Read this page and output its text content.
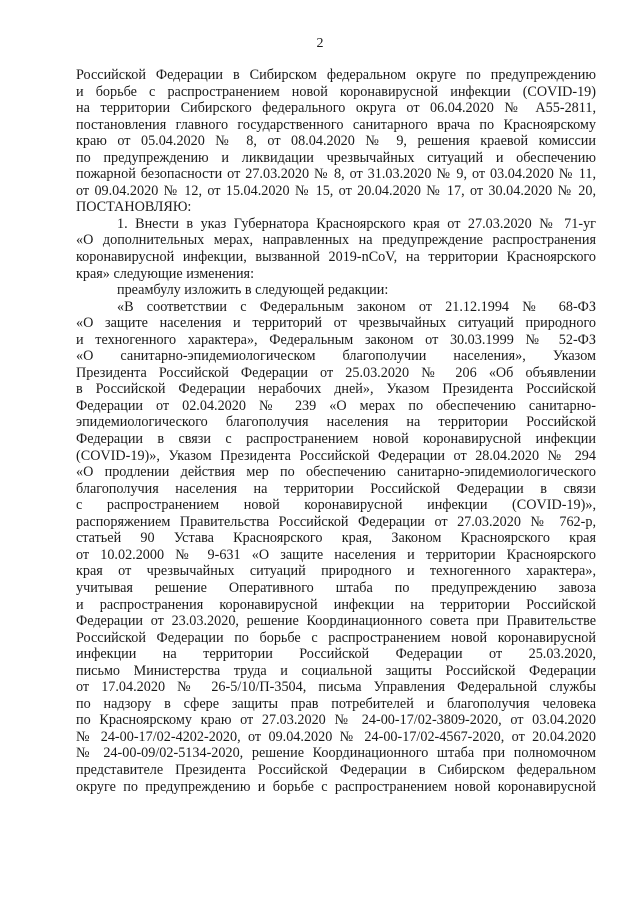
2
Российской Федерации в Сибирском федеральном округе по предупреждению
и борьбе с распространением новой коронавирусной инфекции (COVID-19)
на территории Сибирского федерального округа от 06.04.2020 № А55-2811,
постановления главного государственного санитарного врача по Красноярскому
краю от 05.04.2020 № 8, от 08.04.2020 № 9, решения краевой комиссии
по предупреждению и ликвидации чрезвычайных ситуаций и обеспечению
пожарной безопасности от 27.03.2020 № 8, от 31.03.2020 № 9, от 03.04.2020 № 11,
от 09.04.2020 № 12, от 15.04.2020 № 15, от 20.04.2020 № 17, от 30.04.2020 № 20,
ПОСТАНОВЛЯЮ:
1. Внести в указ Губернатора Красноярского края от 27.03.2020 № 71-уг
«О дополнительных мерах, направленных на предупреждение распространения
коронавирусной инфекции, вызванной 2019-nCoV, на территории Красноярского
края» следующие изменения:
преамбулу изложить в следующей редакции:
«В соответствии с Федеральным законом от 21.12.1994 № 68-ФЗ
«О защите населения и территорий от чрезвычайных ситуаций природного
и техногенного характера», Федеральным законом от 30.03.1999 № 52-ФЗ
«О санитарно-эпидемиологическом благополучии населения», Указом
Президента Российской Федерации от 25.03.2020 № 206 «Об объявлении
в Российской Федерации нерабочих дней», Указом Президента Российской
Федерации от 02.04.2020 № 239 «О мерах по обеспечению санитарно-
эпидемиологического благополучия населения на территории Российской
Федерации в связи с распространением новой коронавирусной инфекции
(COVID-19)», Указом Президента Российской Федерации от 28.04.2020 № 294
«О продлении действия мер по обеспечению санитарно-эпидемиологического
благополучия населения на территории Российской Федерации в связи
с распространением новой коронавирусной инфекции (COVID-19)»,
распоряжением Правительства Российской Федерации от 27.03.2020 № 762-р,
статьей 90 Устава Красноярского края, Законом Красноярского края
от 10.02.2000 № 9-631 «О защите населения и территории Красноярского
края от чрезвычайных ситуаций природного и техногенного характера»,
учитывая решение Оперативного штаба по предупреждению завоза
и распространения коронавирусной инфекции на территории Российской
Федерации от 23.03.2020, решение Координационного совета при Правительстве
Российской Федерации по борьбе с распространением новой коронавирусной
инфекции на территории Российской Федерации от 25.03.2020,
письмо Министерства труда и социальной защиты Российской Федерации
от 17.04.2020 № 26-5/10/П-3504, письма Управления Федеральной службы
по надзору в сфере защиты прав потребителей и благополучия человека
по Красноярскому краю от 27.03.2020 № 24-00-17/02-3809-2020, от 03.04.2020
№ 24-00-17/02-4202-2020, от 09.04.2020 № 24-00-17/02-4567-2020, от 20.04.2020
№ 24-00-09/02-5134-2020, решение Координационного штаба при полномочном
представителе Президента Российской Федерации в Сибирском федеральном
округе по предупреждению и борьбе с распространением новой коронавирусной
